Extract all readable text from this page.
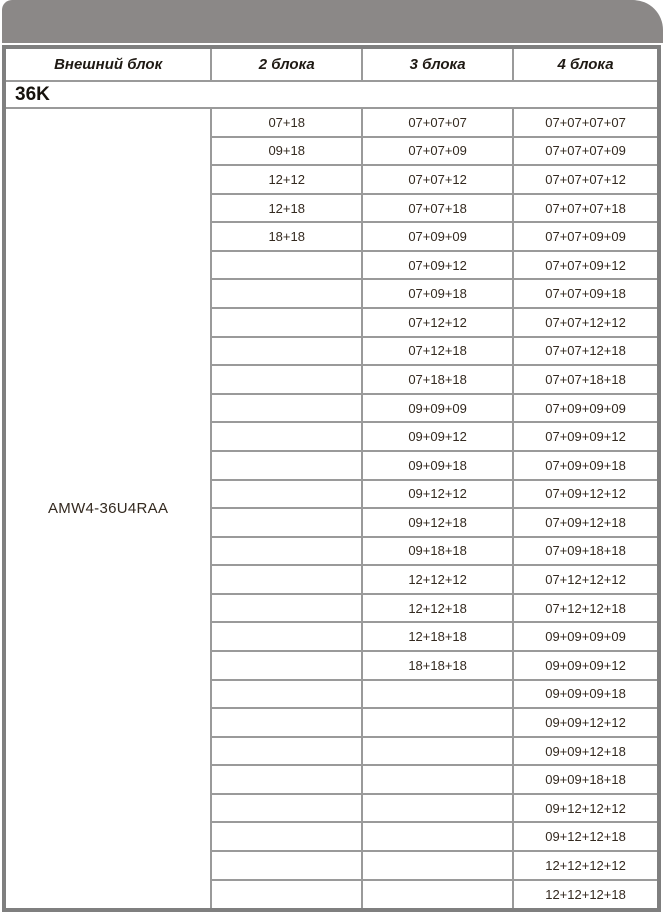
Внешний блок	2 блока	3 блока	4 блока
36K			
AMW4-36U4RAA	07+18	07+07+07	07+07+07+07
	09+18	07+07+09	07+07+07+09
	12+12	07+07+12	07+07+07+12
	12+18	07+07+18	07+07+07+18
	18+18	07+09+09	07+07+09+09
		07+09+12	07+07+09+12
		07+09+18	07+07+09+18
		07+12+12	07+07+12+12
		07+12+18	07+07+12+18
		07+18+18	07+07+18+18
		09+09+09	07+09+09+09
		09+09+12	07+09+09+12
		09+09+18	07+09+09+18
		09+12+12	07+09+12+12
		09+12+18	07+09+12+18
		09+18+18	07+09+18+18
		12+12+12	07+12+12+12
		12+12+18	07+12+12+18
		12+18+18	09+09+09+09
		18+18+18	09+09+09+12
			09+09+09+18
			09+09+12+12
			09+09+12+18
			09+09+18+18
			09+12+12+12
			09+12+12+18
			12+12+12+12
			12+12+12+18
